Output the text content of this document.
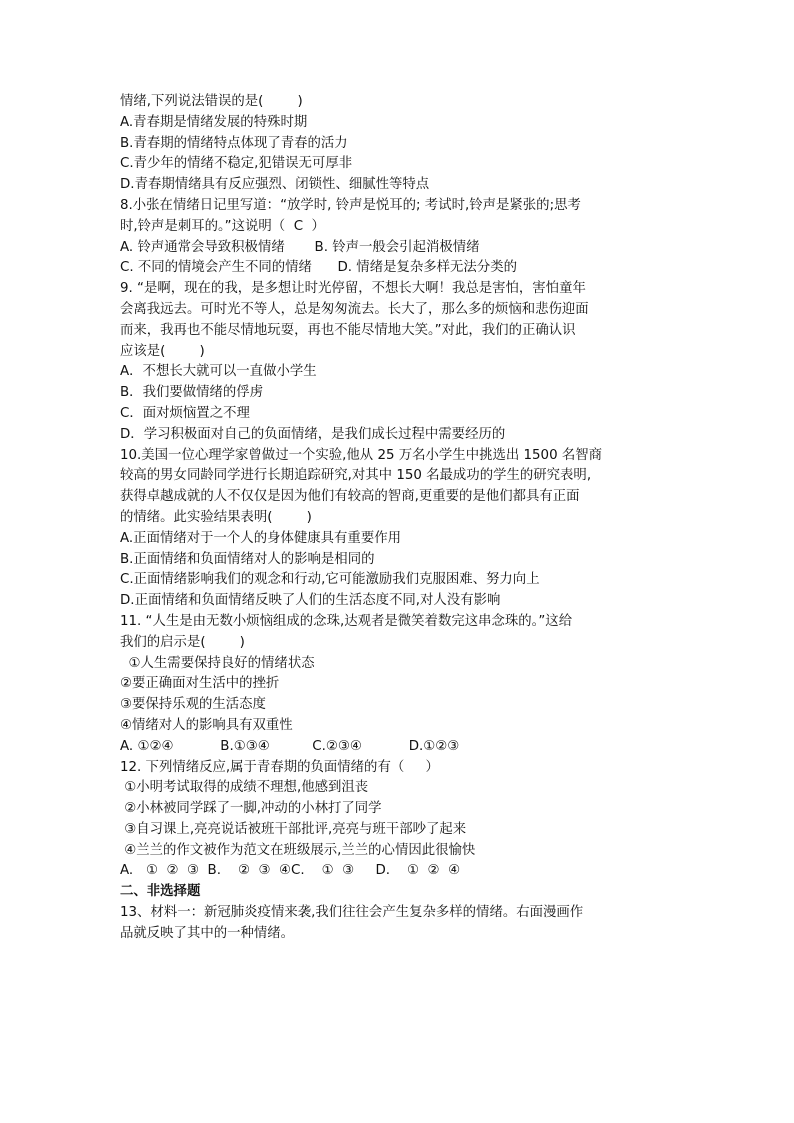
情绪,下列说法错误的是(        )
A.青春期是情绪发展的特殊时期
B.青春期的情绪特点体现了青春的活力
C.青少年的情绪不稳定,犯错误无可厚非
D.青春期情绪具有反应强烈、闭锁性、细腻性等特点
8.小张在情绪日记里写道：“放学时, 铃声是悦耳的; 考试时,铃声是紧张的;思考
时,铃声是刺耳的。”这说明（  C  ）
A. 铃声通常会导致积极情绪       B. 铃声一般会引起消极情绪
C. 不同的情境会产生不同的情绪      D. 情绪是复杂多样无法分类的
9. “是啊，现在的我，是多想让时光停留，不想长大啊！我总是害怕，害怕童年
会离我远去。可时光不等人，总是匆匆流去。长大了，那么多的烦恼和悲伤迎面
而来，我再也不能尽情地玩耍，再也不能尽情地大笑。”对此，我们的正确认识
应该是(        )
A．不想长大就可以一直做小学生
B．我们要做情绪的俘虏
C．面对烦恼置之不理
D．学习积极面对自己的负面情绪，是我们成长过程中需要经历的
10.美国一位心理学家曾做过一个实验,他从 25 万名小学生中挑选出 1500 名智商
较高的男女同龄同学进行长期追踪研究,对其中 150 名最成功的学生的研究表明,
获得卓越成就的人不仅仅是因为他们有较高的智商,更重要的是他们都具有正面
的情绪。此实验结果表明(        )
A.正面情绪对于一个人的身体健康具有重要作用
B.正面情绪和负面情绪对人的影响是相同的
C.正面情绪影响我们的观念和行动,它可能激励我们克服困难、努力向上
D.正面情绪和负面情绪反映了人们的生活态度不同,对人没有影响
11. “人生是由无数小烦恼组成的念珠,达观者是微笑着数完这串念珠的。”这给
我们的启示是(        )
①人生需要保持良好的情绪状态
②要正确面对生活中的挫折
③要保持乐观的生活态度
④情绪对人的影响具有双重性
A. ①②④           B.①③④          C.②③④           D.①②③
12. 下列情绪反应,属于青春期的负面情绪的有（     ）
①小明考试取得的成绩不理想,他感到沮丧
②小林被同学踩了一脚,冲动的小林打了同学
③自习课上,亮亮说话被班干部批评,亮亮与班干部吵了起来
④兰兰的作文被作为范文在班级展示,兰兰的心情因此很愉快
A.   ①  ②  ③  B.    ②  ③  ④C.    ①  ③     D.    ①  ②  ④
二、非选择题
13、材料一：新冠肺炎疫情来袭,我们往往会产生复杂多样的情绪。右面漫画作
品就反映了其中的一种情绪。
